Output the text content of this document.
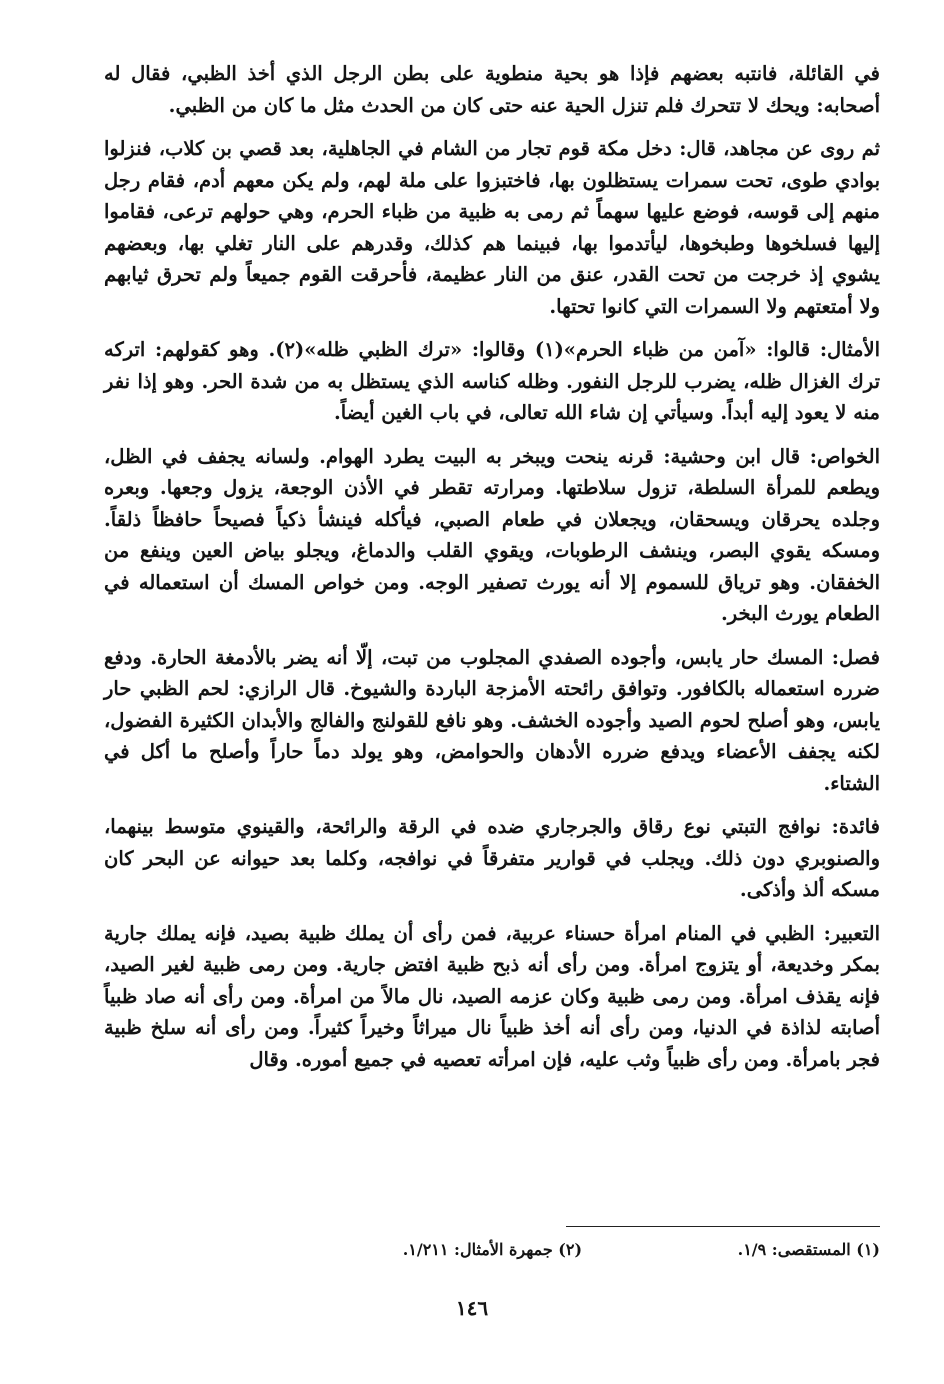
في القائلة، فانتبه بعضهم فإذا هو بحية منطوية على بطن الرجل الذي أخذ الظبي، فقال له أصحابه: ويحك لا تتحرك فلم تنزل الحية عنه حتى كان من الحدث مثل ما كان من الظبي.

ثم روى عن مجاهد، قال: دخل مكة قوم تجار من الشام في الجاهلية، بعد قصي بن كلاب، فنزلوا بوادي طوى، تحت سمرات يستظلون بها، فاختبزوا على ملة لهم، ولم يكن معهم أدم، فقام رجل منهم إلى قوسه، فوضع عليها سهماً ثم رمى به ظبية من ظباء الحرم، وهي حولهم ترعى، فقاموا إليها فسلخوها وطبخوها، ليأتدموا بها، فبينما هم كذلك، وقدرهم على النار تغلي بها، وبعضهم يشوي إذ خرجت من تحت القدر، عنق من النار عظيمة، فأحرقت القوم جميعاً ولم تحرق ثيابهم ولا أمتعتهم ولا السمرات التي كانوا تحتها.

الأمثال: قالوا: «آمن من ظباء الحرم»(١) وقالوا: «ترك الظبي ظله»(٢). وهو كقولهم: اتركه ترك الغزال ظله، يضرب للرجل النفور. وظله كناسه الذي يستظل به من شدة الحر. وهو إذا نفر منه لا يعود إليه أبداً. وسيأتي إن شاء الله تعالى، في باب الغين أيضاً.

الخواص: قال ابن وحشية: قرنه ينحت ويبخر به البيت يطرد الهوام. ولسانه يجفف في الظل، ويطعم للمرأة السلطة، تزول سلاطتها. ومرارته تقطر في الأذن الوجعة، يزول وجعها. وبعره وجلده يحرقان ويسحقان، ويجعلان في طعام الصبي، فيأكله فينشأ ذكياً فصيحاً حافظاً ذلقاً. ومسكه يقوي البصر، وينشف الرطوبات، ويقوي القلب والدماغ، ويجلو بياض العين وينفع من الخفقان. وهو ترياق للسموم إلا أنه يورث تصفير الوجه. ومن خواص المسك أن استعماله في الطعام يورث البخر.

فصل: المسك حار يابس، وأجوده الصفدي المجلوب من تبت، إلّا أنه يضر بالأدمغة الحارة. ودفع ضرره استعماله بالكافور. وتوافق رائحته الأمزجة الباردة والشيوخ. قال الرازي: لحم الظبي حار يابس، وهو أصلح لحوم الصيد وأجوده الخشف. وهو نافع للقولنج والفالج والأبدان الكثيرة الفضول، لكنه يجفف الأعضاء ويدفع ضرره الأدهان والحوامض، وهو يولد دماً حاراً وأصلح ما أكل في الشتاء.

فائدة: نوافج التبتي نوع رقاق والجرجاري ضده في الرقة والرائحة، والقينوي متوسط بينهما، والصنوبري دون ذلك. ويجلب في قوارير متفرقاً في نوافجه، وكلما بعد حيوانه عن البحر كان مسكه ألذ وأذكى.

التعبير: الظبي في المنام امرأة حسناء عربية، فمن رأى أن يملك ظبية بصيد، فإنه يملك جارية بمكر وخديعة، أو يتزوج امرأة. ومن رأى أنه ذبح ظبية افتض جارية. ومن رمى ظبية لغير الصيد، فإنه يقذف امرأة. ومن رمى ظبية وكان عزمه الصيد، نال مالاً من امرأة. ومن رأى أنه صاد ظبياً أصابته لذاذة في الدنيا، ومن رأى أنه أخذ ظبياً نال ميراثاً وخيراً كثيراً. ومن رأى أنه سلخ ظبية فجر بامرأة. ومن رأى ظبياً وثب عليه، فإن امرأته تعصيه في جميع أموره. وقال

(١) المستقصى: ١/٩. (٢) جمهرة الأمثال: ١/٢١١.
١٤٦
